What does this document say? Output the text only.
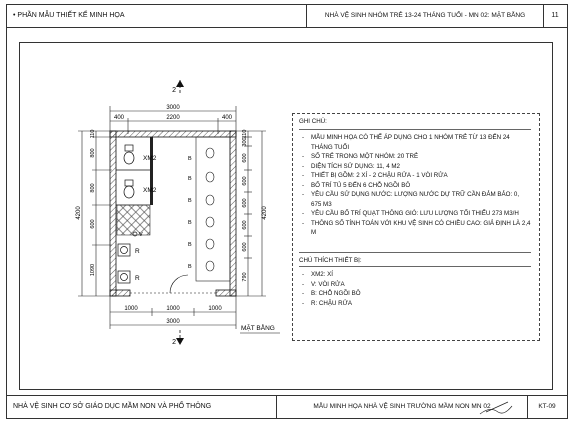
• PHẦN MẪU THIẾT KẾ MINH HỌA	NHÀ VỆ SINH NHÓM TRẺ 13-24 THÁNG TUỔI - MN 02: MẶT BẰNG	11
NHÀ VỆ SINH CƠ SỞ GIÁO DỤC MẦM NON VÀ PHỔ THÔNG	MẪU MINH HỌA NHÀ VỆ SINH TRƯỜNG MẦM NON MN 02	KT-09
2
2
3000
400	2200	400
XM2
XM2
R
R
V
B
B
B
B
B
B
4200
110
800
800
600
1090
4200
110
300
600
600
600
600
600
790
1000	1000	1000
3000
MẶT BẰNG
GHI CHÚ:
- MẪU MINH HỌA CÓ THỂ ÁP DỤNG CHO 1 NHÓM TRẺ TỪ 13 ĐẾN 24 THÁNG TUỔI
- SỐ TRẺ TRONG MỘT NHÓM: 20 TRẺ
- DIỆN TÍCH SỬ DỤNG: 11, 4 M2
- THIẾT BỊ GỒM: 2 XÍ - 2 CHẬU RỬA - 1 VÒI RỬA
- BỐ TRÍ TỦ 5 ĐẾN 6 CHỖ NGỒI BÔ
- YÊU CẦU SỬ DỤNG NƯỚC: LƯỢNG NƯỚC DỰ TRỮ CẦN ĐẢM BẢO: 0, 675 M3
- YÊU CẦU BỐ TRÍ QUẠT THÔNG GIÓ: LƯU LƯỢNG TỐI THIỂU 273 M3/H
- THÔNG SỐ TÍNH TOÁN VỚI KHU VỆ SINH CÓ CHIỀU CAO: GIẢ ĐỊNH LÀ 2,4 M
CHÚ THÍCH THIẾT BỊ:
- XM2: XÍ
- V: VÒI RỬA
- B: CHỖ NGỒI BÔ
- R: CHẬU RỬA
